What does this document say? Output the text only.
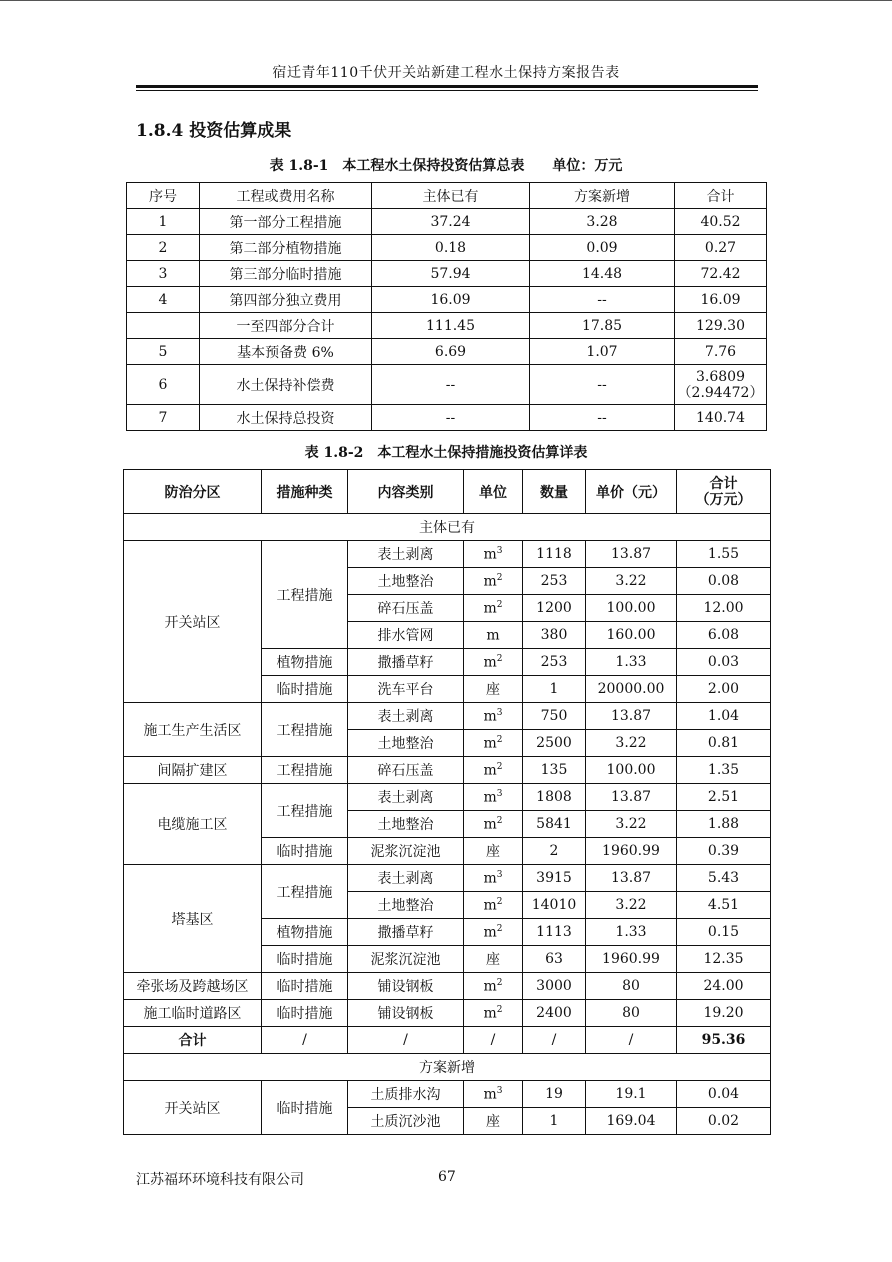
宿迁青年110千伏开关站新建工程水土保持方案报告表
1.8.4 投资估算成果
表 1.8-1　本工程水土保持投资估算总表　　单位：万元
序号	工程或费用名称	主体已有	方案新增	合计
1	第一部分工程措施	37.24	3.28	40.52
2	第二部分植物措施	0.18	0.09	0.27
3	第三部分临时措施	57.94	14.48	72.42
4	第四部分独立费用	16.09	--	16.09
	一至四部分合计	111.45	17.85	129.30
5	基本预备费 6%	6.69	1.07	7.76
6	水土保持补偿费	--	--	3.6809
（2.94472）

7	水土保持总投资	--	--	140.74
表 1.8-2　本工程水土保持措施投资估算详表
防治分区	措施种类	内容类别	单位	数量	单价（元）	合计
（万元）

主体已有						
开关站区	工程措施	表土剥离	$m^3$	1118	13.87	1.55
		土地整治	$m^2$	253	3.22	0.08
		碎石压盖	$m^2$	1200	100.00	12.00
		排水管网	m	380	160.00	6.08
	植物措施	撒播草籽	$m^2$	253	1.33	0.03
	临时措施	洗车平台	座	1	20000.00	2.00
施工生产生活区	工程措施	表土剥离	$m^3$	750	13.87	1.04
		土地整治	$m^2$	2500	3.22	0.81
间隔扩建区	工程措施	碎石压盖	$m^2$	135	100.00	1.35
电缆施工区	工程措施	表土剥离	$m^3$	1808	13.87	2.51
		土地整治	$m^2$	5841	3.22	1.88
	临时措施	泥浆沉淀池	座	2	1960.99	0.39
塔基区	工程措施	表土剥离	$m^3$	3915	13.87	5.43
		土地整治	$m^2$	14010	3.22	4.51
	植物措施	撒播草籽	$m^2$	1113	1.33	0.15
	临时措施	泥浆沉淀池	座	63	1960.99	12.35
牵张场及跨越场区	临时措施	铺设钢板	$m^2$	3000	80	24.00
施工临时道路区	临时措施	铺设钢板	$m^2$	2400	80	19.20
合计	/	/	/	/	/	95.36
方案新增						
开关站区	临时措施	土质排水沟	$m^3$	19	19.1	0.04
		土质沉沙池	座	1	169.04	0.02
江苏福环环境科技有限公司	67
